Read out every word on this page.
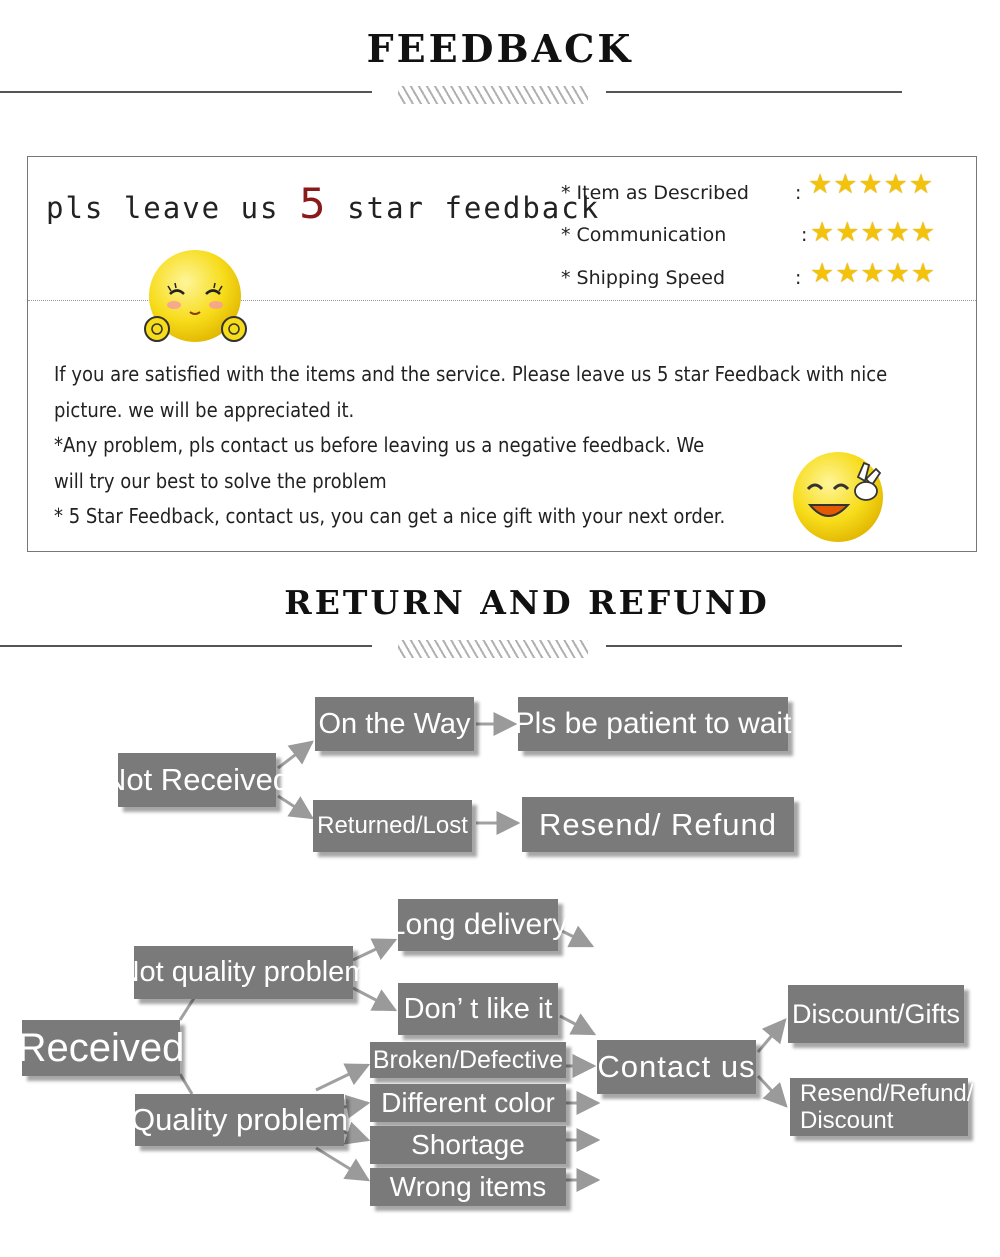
FEEDBACK
pls leave us 5 star feedback
* Item as Described : ★★★★★
* Communication	: ★★★★★
* Shipping Speed	: ★★★★★

If you are satisfied with the items and the service. Please leave us 5 star Feedback with nice

picture. we will be appreciated it.

*Any problem, pls contact us before leaving us a negative feedback. We

will try our best to solve the problem

* 5 Star Feedback, contact us, you can get a nice gift with your next order.

RETURN AND REFUND
Not Received
On the Way
Returned/Lost
Pls be patient to wait
Resend/ Refund
Received
Not quality problem
Quality problem
Long delivery
Don’ t like it
Broken/Defective
Different color
Shortage
Wrong items
Contact us
Discount/Gifts
Resend/Refund/
Discount
